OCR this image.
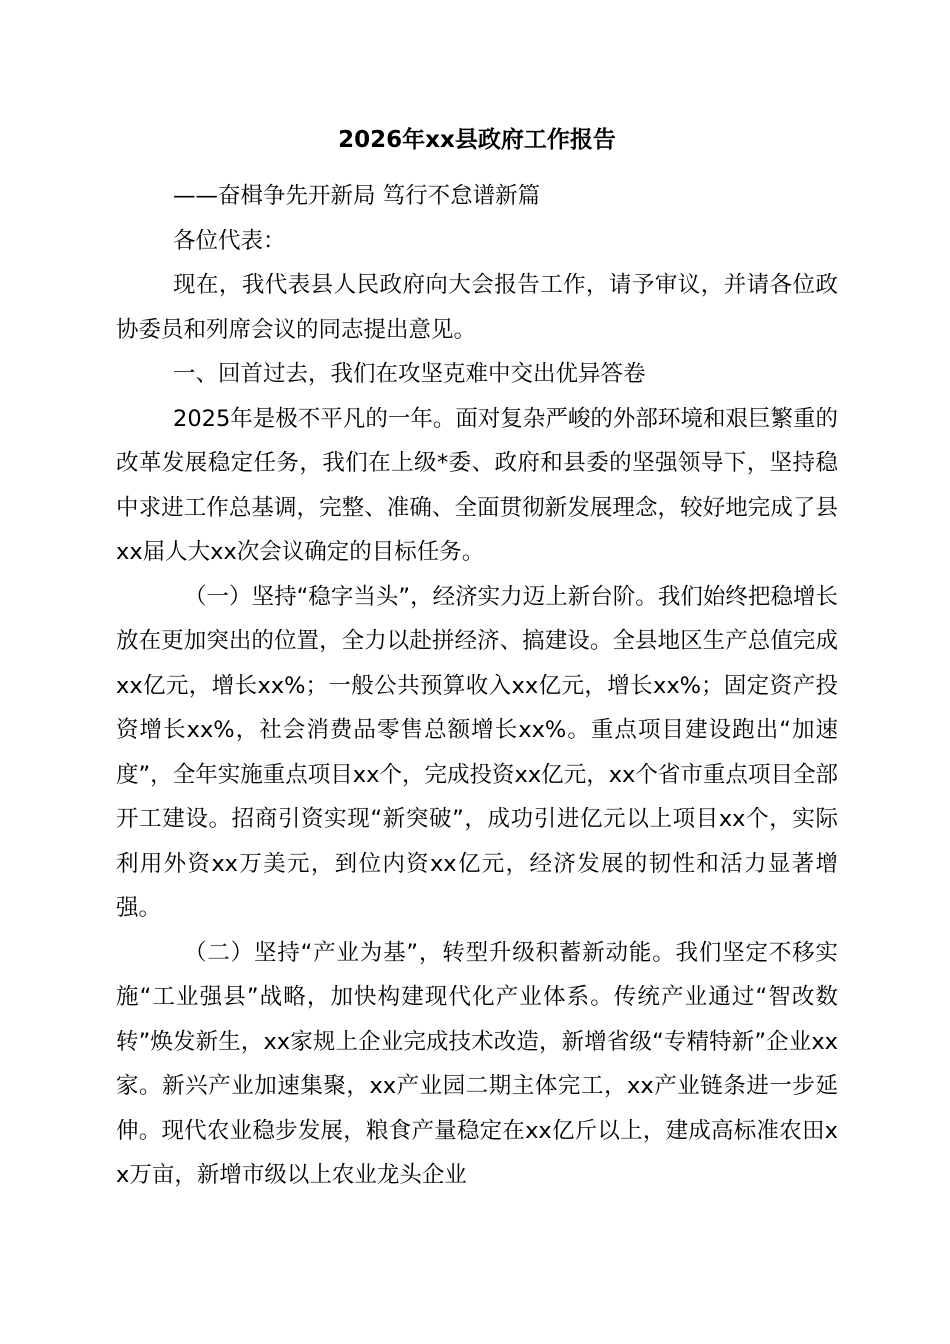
2026年xx县政府工作报告

——奋楫争先开新局 笃行不怠谱新篇

各位代表：

现在，我代表县人民政府向大会报告工作，请予审议，并请各位政协委员和列席会议的同志提出意见。

一、回首过去，我们在攻坚克难中交出优异答卷

2025年是极不平凡的一年。面对复杂严峻的外部环境和艰巨繁重的改革发展稳定任务，我们在上级*委、政府和县委的坚强领导下，坚持稳中求进工作总基调，完整、准确、全面贯彻新发展理念，较好地完成了县xx届人大xx次会议确定的目标任务。

（一）坚持“稳字当头”，经济实力迈上新台阶。我们始终把稳增长放在更加突出的位置，全力以赴拼经济、搞建设。全县地区生产总值完成xx亿元，增长xx%；一般公共预算收入xx亿元，增长xx%；固定资产投资增长xx%，社会消费品零售总额增长xx%。重点项目建设跑出“加速度”，全年实施重点项目xx个，完成投资xx亿元，xx个省市重点项目全部开工建设。招商引资实现“新突破”，成功引进亿元以上项目xx个，实际利用外资xx万美元，到位内资xx亿元，经济发展的韧性和活力显著增强。

（二）坚持“产业为基”，转型升级积蓄新动能。我们坚定不移实施“工业强县”战略，加快构建现代化产业体系。传统产业通过“智改数转”焕发新生，xx家规上企业完成技术改造，新增省级“专精特新”企业xx家。新兴产业加速集聚，xx产业园二期主体完工，xx产业链条进一步延伸。现代农业稳步发展，粮食产量稳定在xx亿斤以上，建成高标准农田xx万亩，新增市级以上农业龙头企业
